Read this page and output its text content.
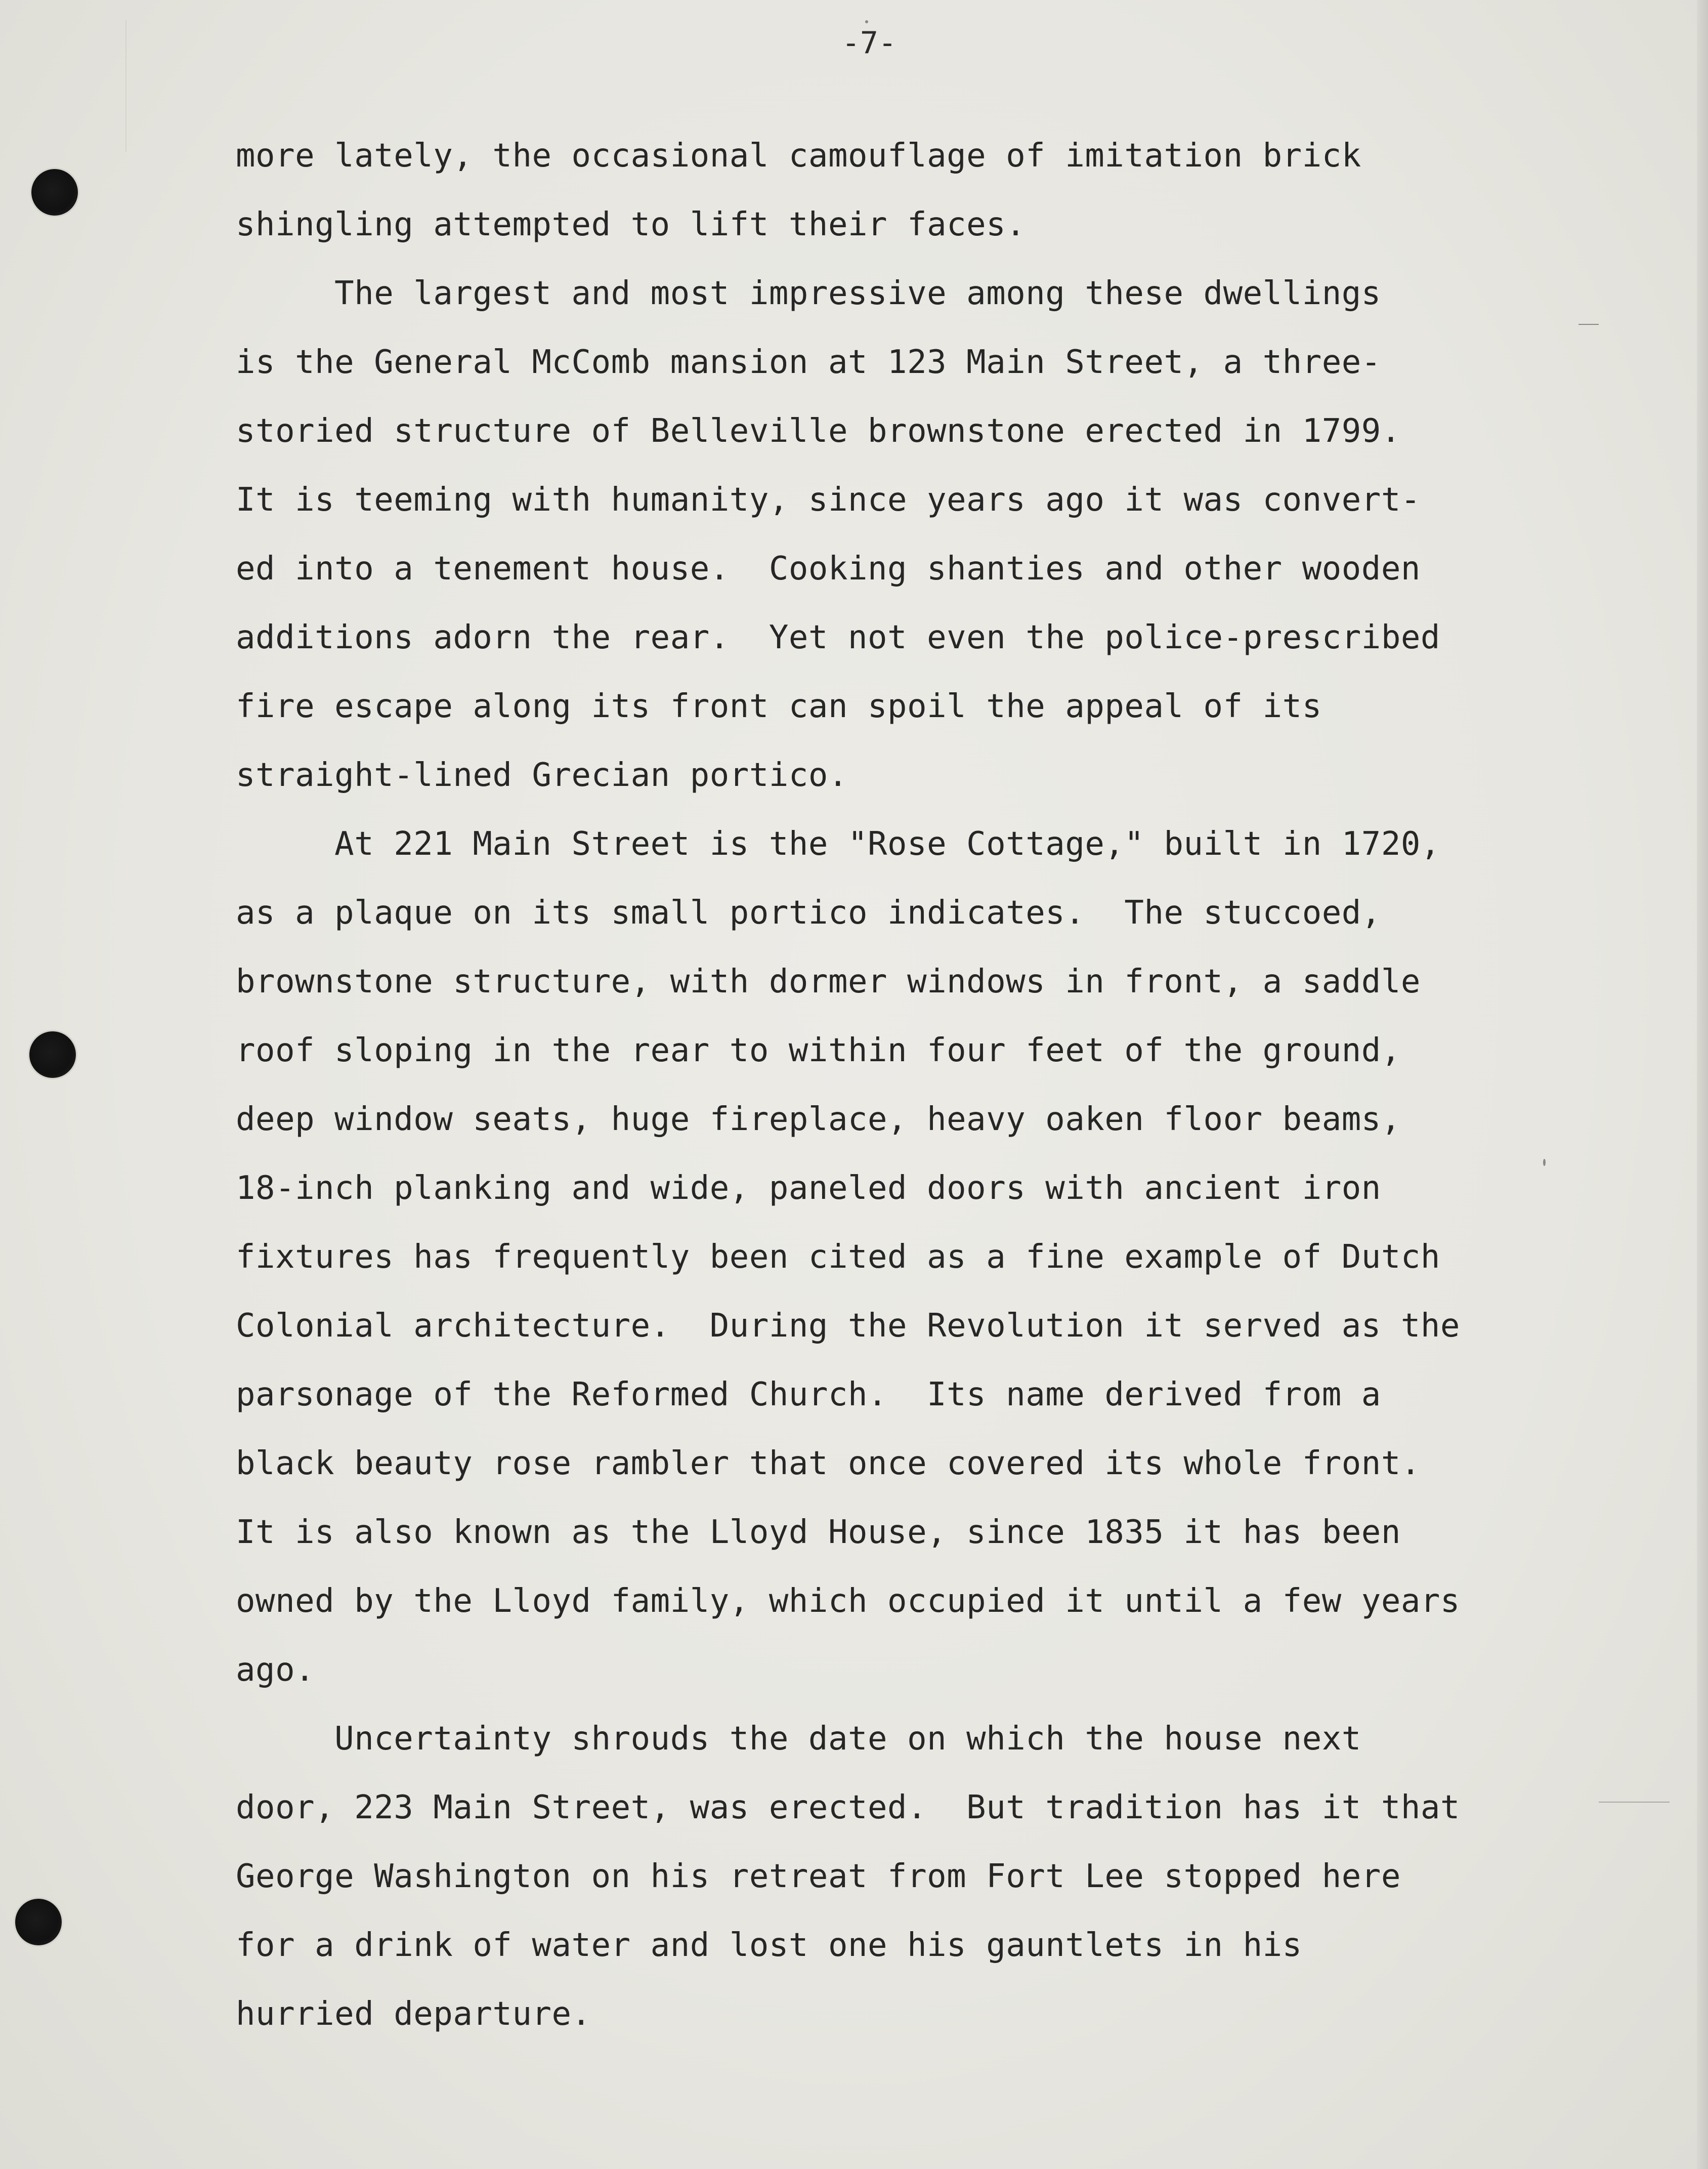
-7-
more lately, the occasional camouflage of imitation brick
shingling attempted to lift their faces.
The largest and most impressive among these dwellings
is the General McComb mansion at 123 Main Street, a three-
storied structure of Belleville brownstone erected in 1799.
It is teeming with humanity, since years ago it was convert-
ed into a tenement house.  Cooking shanties and other wooden
additions adorn the rear.  Yet not even the police-prescribed
fire escape along its front can spoil the appeal of its
straight-lined Grecian portico.
At 221 Main Street is the "Rose Cottage," built in 1720,
as a plaque on its small portico indicates.  The stuccoed,
brownstone structure, with dormer windows in front, a saddle
roof sloping in the rear to within four feet of the ground,
deep window seats, huge fireplace, heavy oaken floor beams,
18-inch planking and wide, paneled doors with ancient iron
fixtures has frequently been cited as a fine example of Dutch
Colonial architecture.  During the Revolution it served as the
parsonage of the Reformed Church.  Its name derived from a
black beauty rose rambler that once covered its whole front.
It is also known as the Lloyd House, since 1835 it has been
owned by the Lloyd family, which occupied it until a few years
ago.
Uncertainty shrouds the date on which the house next
door, 223 Main Street, was erected.  But tradition has it that
George Washington on his retreat from Fort Lee stopped here
for a drink of water and lost one his gauntlets in his
hurried departure.
